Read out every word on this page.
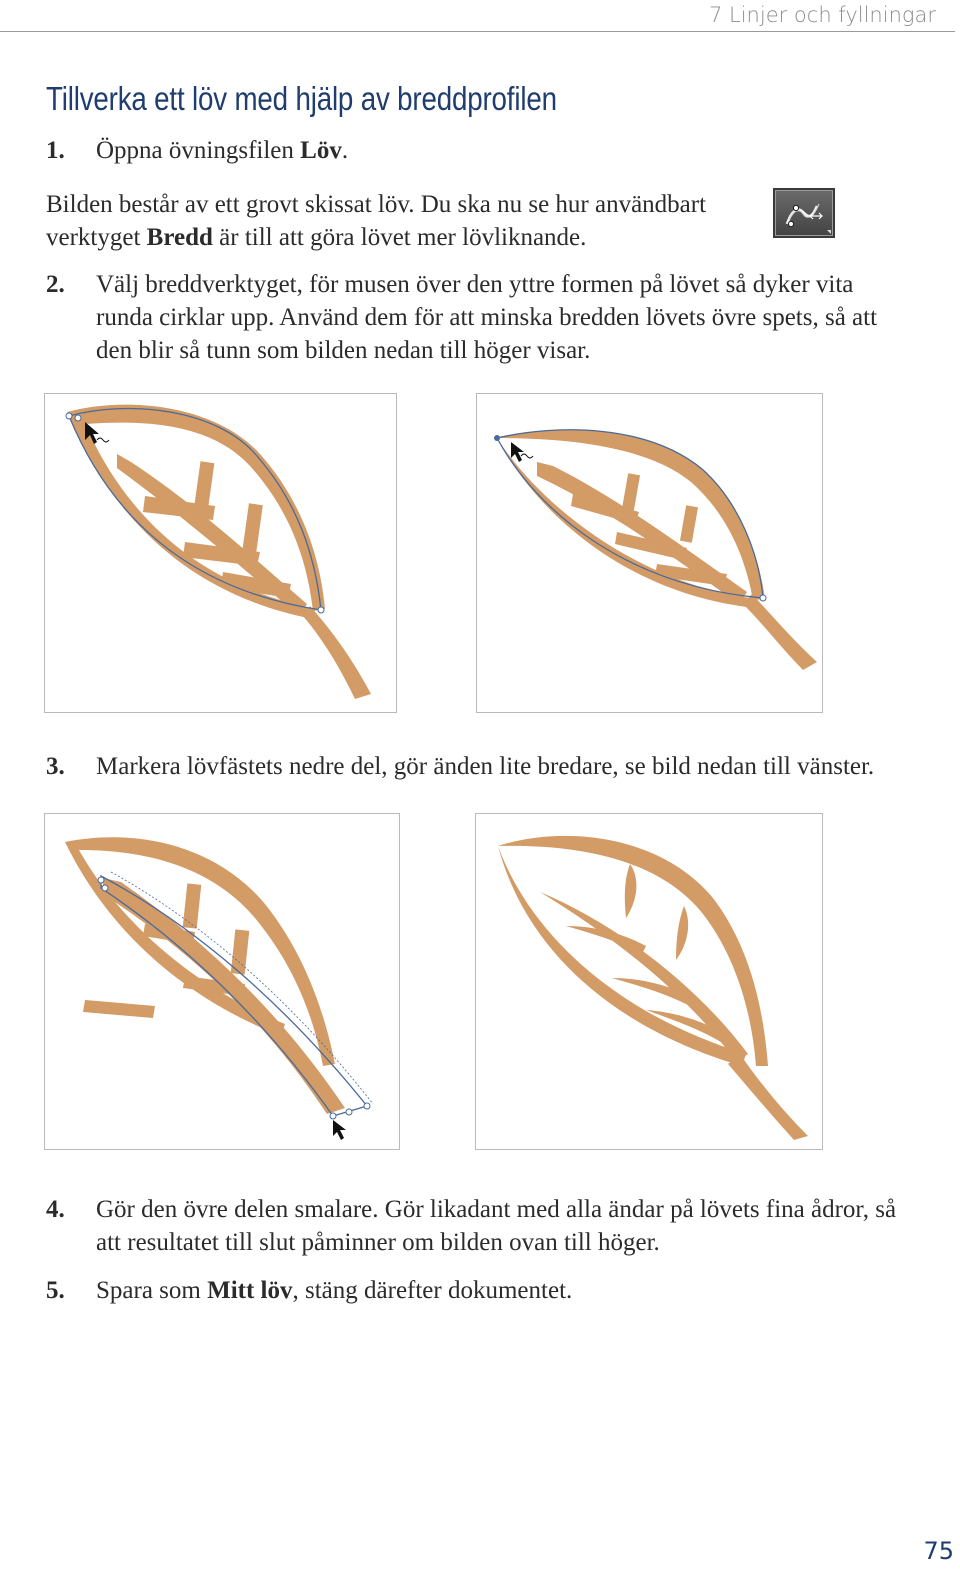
7 Linjer och fyllningar
Tillverka ett löv med hjälp av breddprofilen
1.	Öppna övningsfilen Löv.

Bilden består av ett grovt skissat löv. Du ska nu se hur användbart verktyget Bredd är till att göra lövet mer lövliknande.

2.	Välj breddverktyget, för musen över den yttre formen på lövet så dyker vita runda cirklar upp. Använd dem för att minska bredden lövets övre spets, så att den blir så tunn som bilden nedan till höger visar.
3.	Markera lövfästets nedre del, gör änden lite bredare, se bild nedan till vänster.
4.	Gör den övre delen smalare. Gör likadant med alla ändar på lövets fina ådror, så att resultatet till slut påminner om bilden ovan till höger.
5.	Spara som Mitt löv, stäng därefter dokumentet.
75
